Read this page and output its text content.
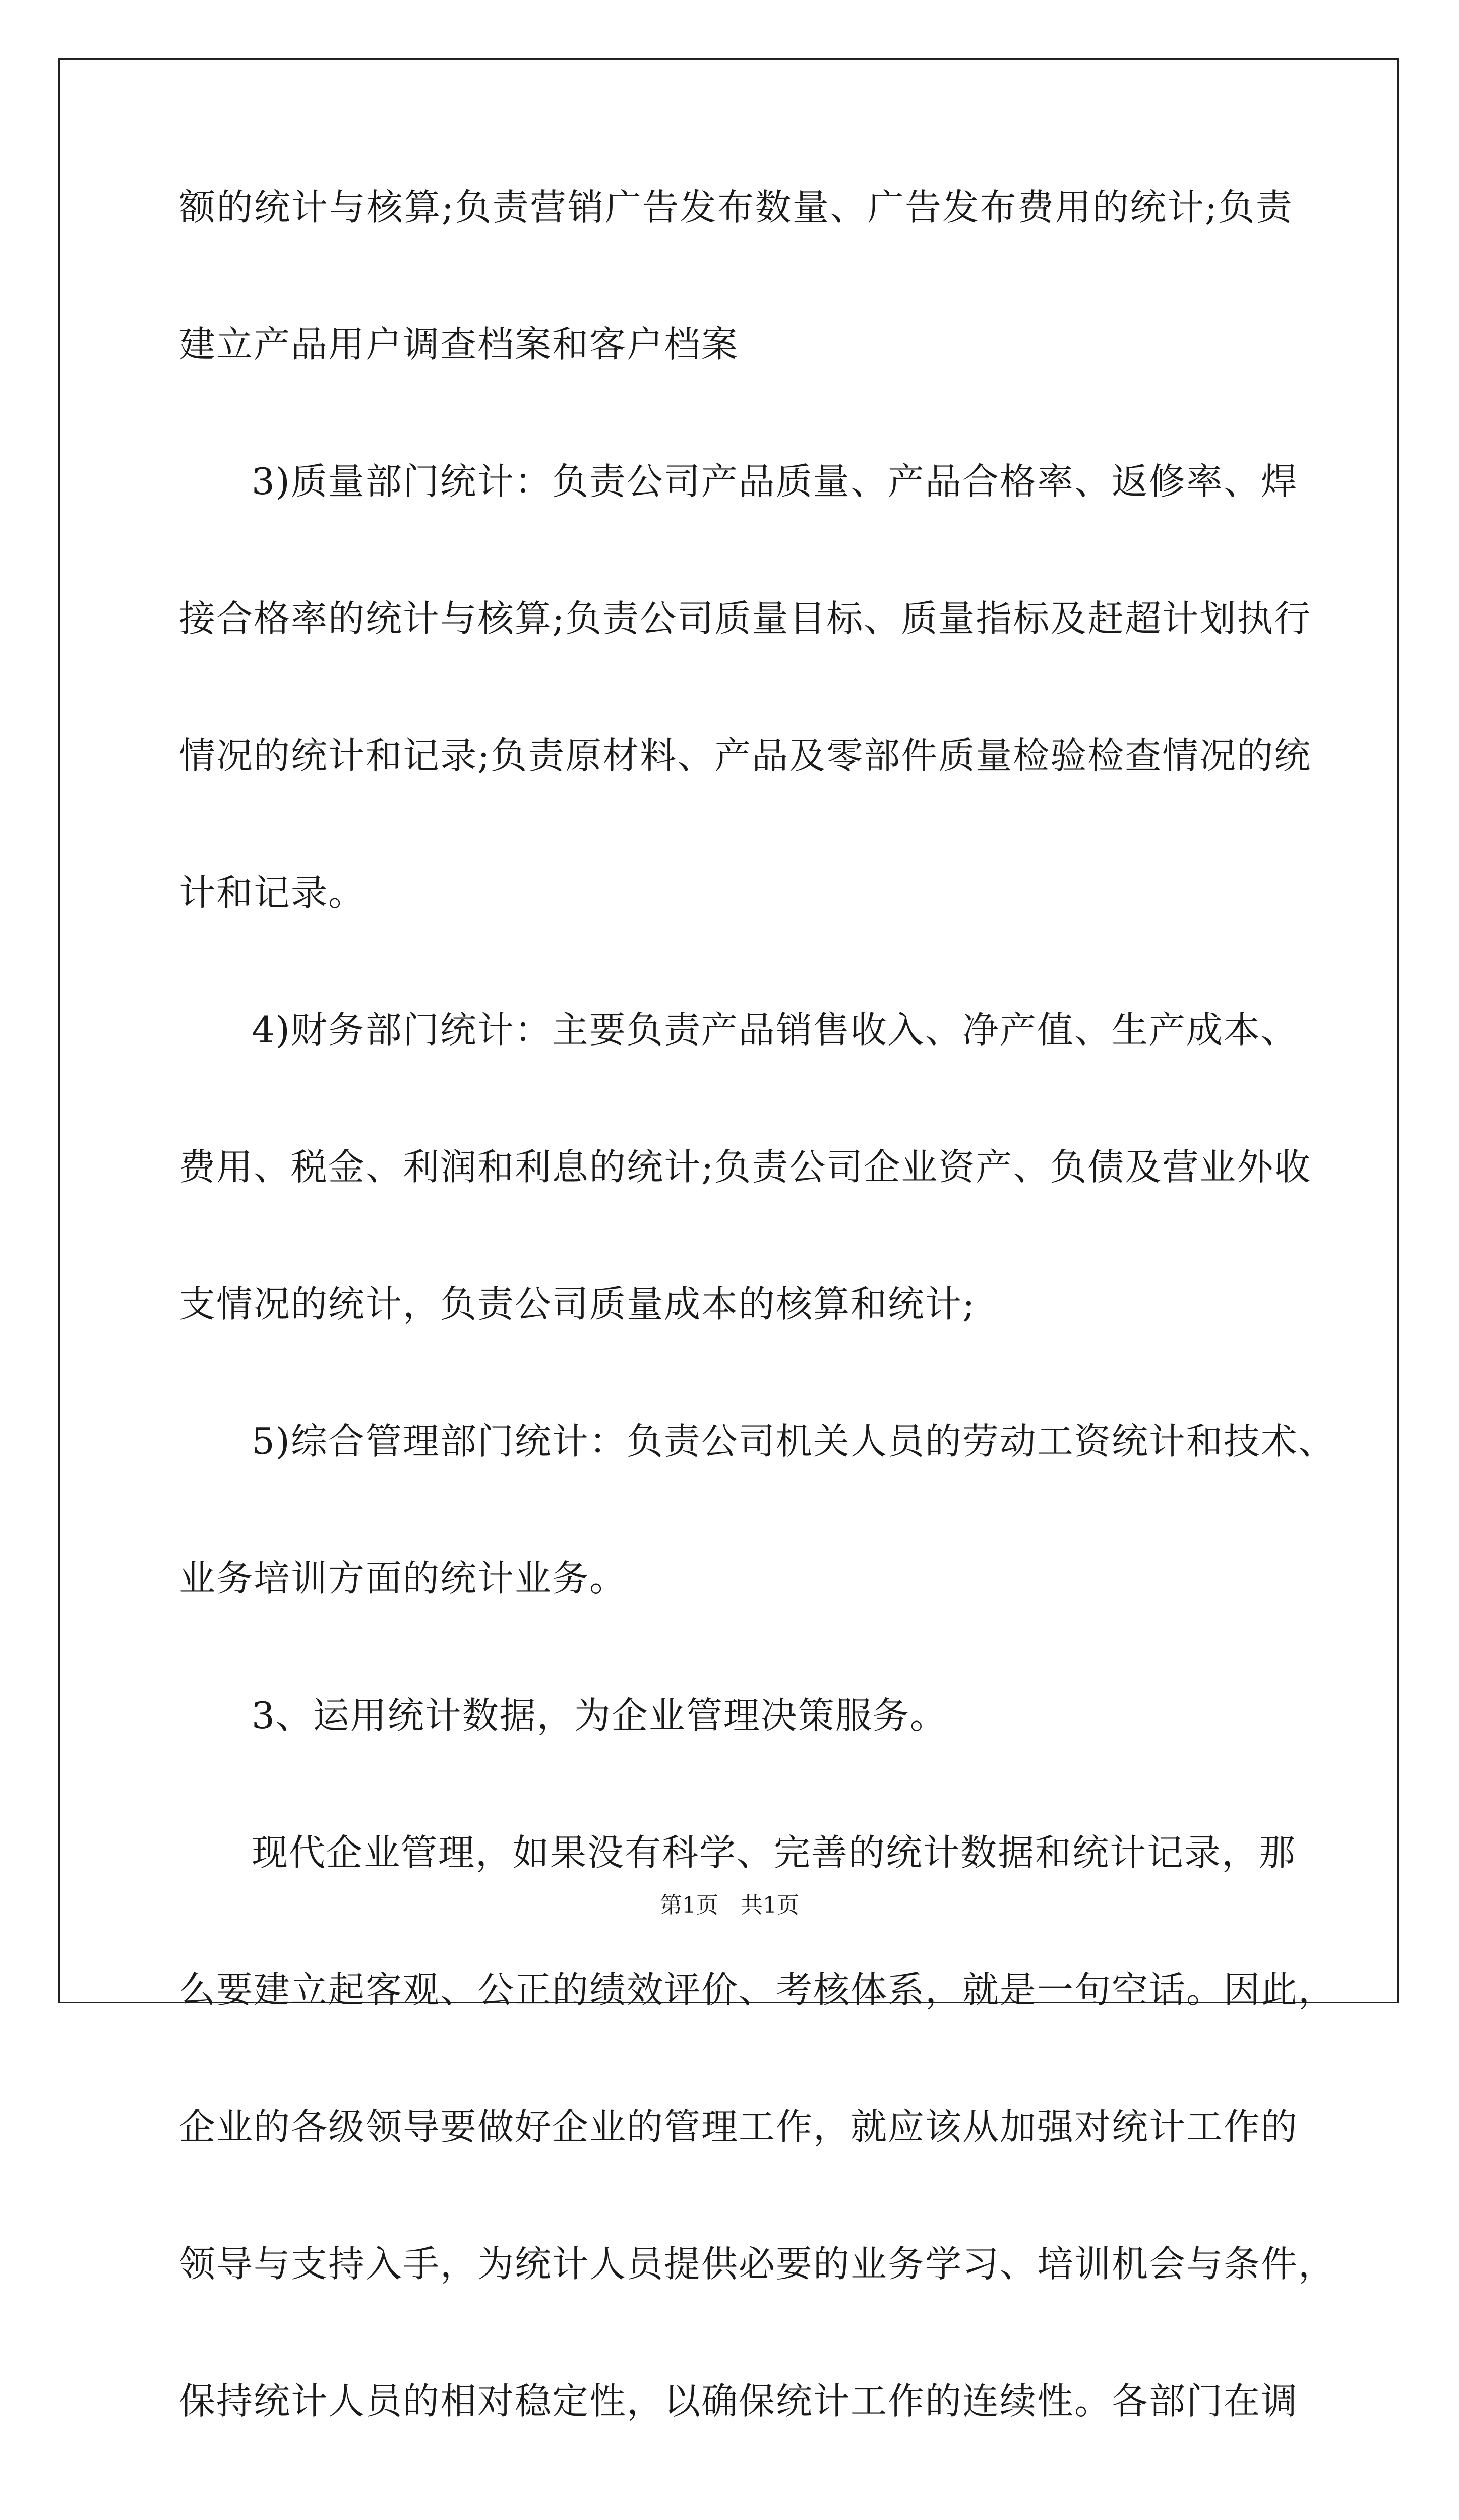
额的统计与核算;负责营销广告发布数量、广告发布费用的统计;负责
建立产品用户调查档案和客户档案
3)质量部门统计：负责公司产品质量、产品合格率、返修率、焊
接合格率的统计与核算;负责公司质量目标、质量指标及赶超计划执行
情况的统计和记录;负责原材料、产品及零部件质量检验检查情况的统
计和记录。
4)财务部门统计：主要负责产品销售收入、净产值、生产成本、
费用、税金、利润和利息的统计;负责公司企业资产、负债及营业外收
支情况的统计，负责公司质量成本的核算和统计;
5)综合管理部门统计：负责公司机关人员的劳动工资统计和技术、
业务培训方面的统计业务。
3、运用统计数据，为企业管理决策服务。
现代企业管理，如果没有科学、完善的统计数据和统计记录，那
么要建立起客观、公正的绩效评价、考核体系，就是一句空话。因此，
企业的各级领导要做好企业的管理工作，就应该从加强对统计工作的
领导与支持入手，为统计人员提供必要的业务学习、培训机会与条件，
保持统计人员的相对稳定性，以确保统计工作的连续性。各部门在调
第1页　共1页
